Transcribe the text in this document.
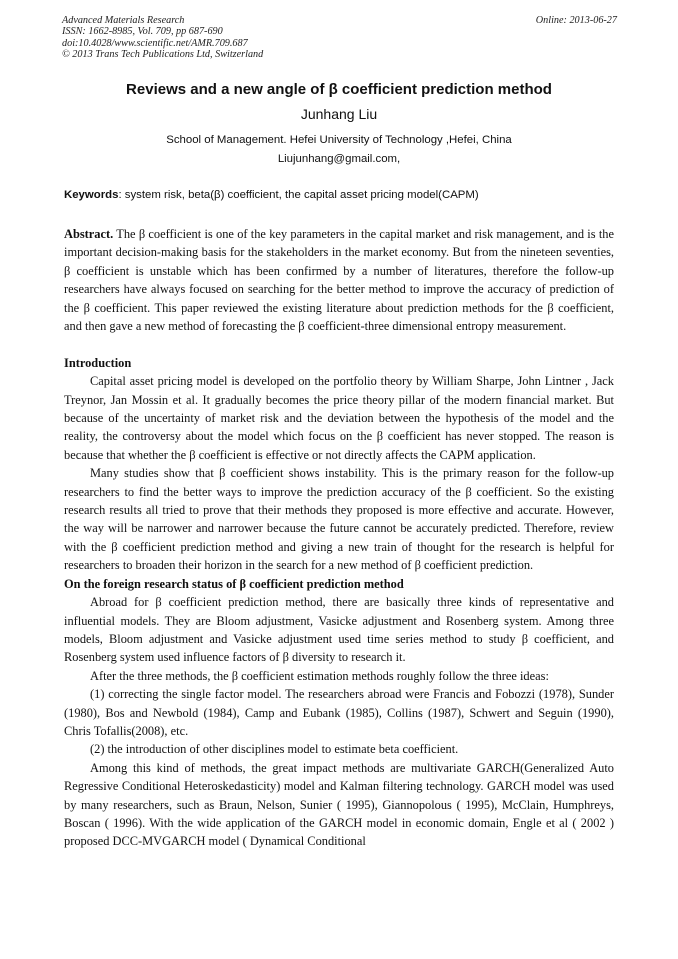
Advanced Materials Research
ISSN: 1662-8985, Vol. 709, pp 687-690
doi:10.4028/www.scientific.net/AMR.709.687
© 2013 Trans Tech Publications Ltd, Switzerland
Online: 2013-06-27
Reviews and a new angle of β coefficient prediction method
Junhang Liu
School of Management. Hefei University of Technology ,Hefei, China
Liujunhang@gmail.com,
Keywords: system risk, beta(β) coefficient, the capital asset pricing model(CAPM)

Abstract. The β coefficient is one of the key parameters in the capital market and risk management, and is the important decision-making basis for the stakeholders in the market economy. But from the nineteen seventies, β coefficient is unstable which has been confirmed by a number of literatures, therefore the follow-up researchers have always focused on searching for the better method to improve the accuracy of prediction of the β coefficient. This paper reviewed the existing literature about prediction methods for the β coefficient, and then gave a new method of forecasting the β coefficient-three dimensional entropy measurement.

Introduction

Capital asset pricing model is developed on the portfolio theory by William Sharpe, John Lintner , Jack Treynor, Jan Mossin et al. It gradually becomes the price theory pillar of the modern financial market. But because of the uncertainty of market risk and the deviation between the hypothesis of the model and the reality, the controversy about the model which focus on the β coefficient has never stopped. The reason is because that whether the β coefficient is effective or not directly affects the CAPM application.

Many studies show that β coefficient shows instability. This is the primary reason for the follow-up researchers to find the better ways to improve the prediction accuracy of the β coefficient. So the existing research results all tried to prove that their methods they proposed is more effective and accurate. However, the way will be narrower and narrower because the future cannot be accurately predicted. Therefore, review with the β coefficient prediction method and giving a new train of thought for the research is helpful for researchers to broaden their horizon in the search for a new method of β coefficient prediction.

On the foreign research status of β coefficient prediction method

Abroad for β coefficient prediction method, there are basically three kinds of representative and influential models. They are Bloom adjustment, Vasicke adjustment and Rosenberg system. Among three models, Bloom adjustment and Vasicke adjustment used time series method to study β coefficient, and Rosenberg system used influence factors of β diversity to research it.

After the three methods, the β coefficient estimation methods roughly follow the three ideas:

(1) correcting the single factor model. The researchers abroad were Francis and Fobozzi (1978), Sunder (1980), Bos and Newbold (1984), Camp and Eubank (1985), Collins (1987), Schwert and Seguin (1990), Chris Tofallis(2008), etc.

(2) the introduction of other disciplines model to estimate beta coefficient.

Among this kind of methods, the great impact methods are multivariate GARCH(Generalized Auto Regressive Conditional Heteroskedasticity) model and Kalman filtering technology. GARCH model was used by many researchers, such as Braun, Nelson, Sunier ( 1995), Giannopolous ( 1995), McClain, Humphreys, Boscan ( 1996). With the wide application of the GARCH model in economic domain, Engle et al ( 2002 ) proposed DCC-MVGARCH model ( Dynamical Conditional
